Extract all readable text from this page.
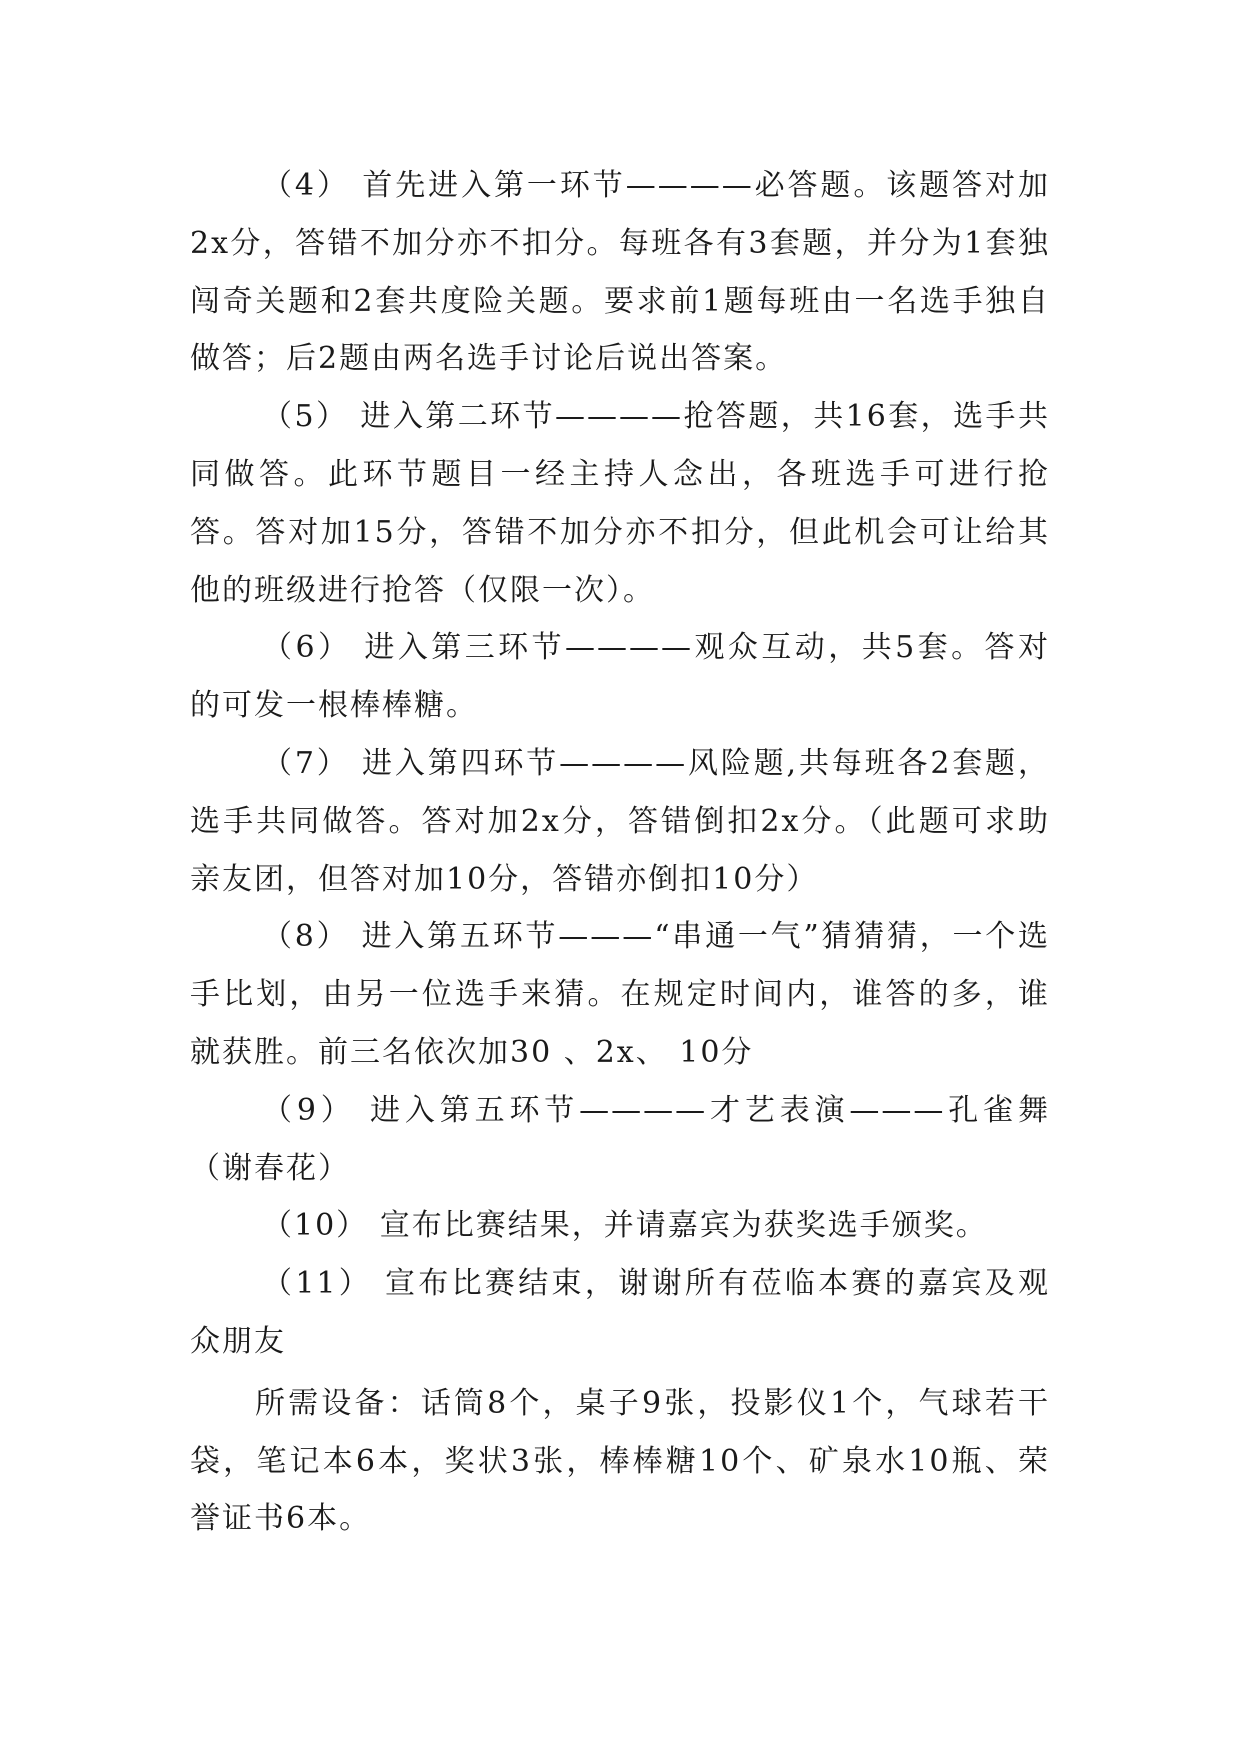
（4） 首先进入第一环节————必答题。该题答对加2x分，答错不加分亦不扣分。每班各有3套题，并分为1套独闯奇关题和2套共度险关题。要求前1题每班由一名选手独自做答；后2题由两名选手讨论后说出答案。

（5） 进入第二环节————抢答题，共16套，选手共同做答。此环节题目一经主持人念出，各班选手可进行抢答。答对加15分，答错不加分亦不扣分，但此机会可让给其他的班级进行抢答（仅限一次）。

（6） 进入第三环节————观众互动，共5套。答对的可发一根棒棒糖。

（7） 进入第四环节————风险题,共每班各2套题，选手共同做答。答对加2x分，答错倒扣2x分。（此题可求助亲友团，但答对加10分，答错亦倒扣10分）

（8） 进入第五环节———“串通一气”猜猜猜，一个选手比划，由另一位选手来猜。在规定时间内，谁答的多，谁就获胜。前三名依次加30 、2x、 10分

（9） 进入第五环节————才艺表演———孔雀舞（谢春花）

（10） 宣布比赛结果，并请嘉宾为获奖选手颁奖。

（11） 宣布比赛结束，谢谢所有莅临本赛的嘉宾及观众朋友

所需设备：话筒8个，桌子9张，投影仪1个，气球若干袋，笔记本6本，奖状3张，棒棒糖10个、矿泉水10瓶、荣誉证书6本。
